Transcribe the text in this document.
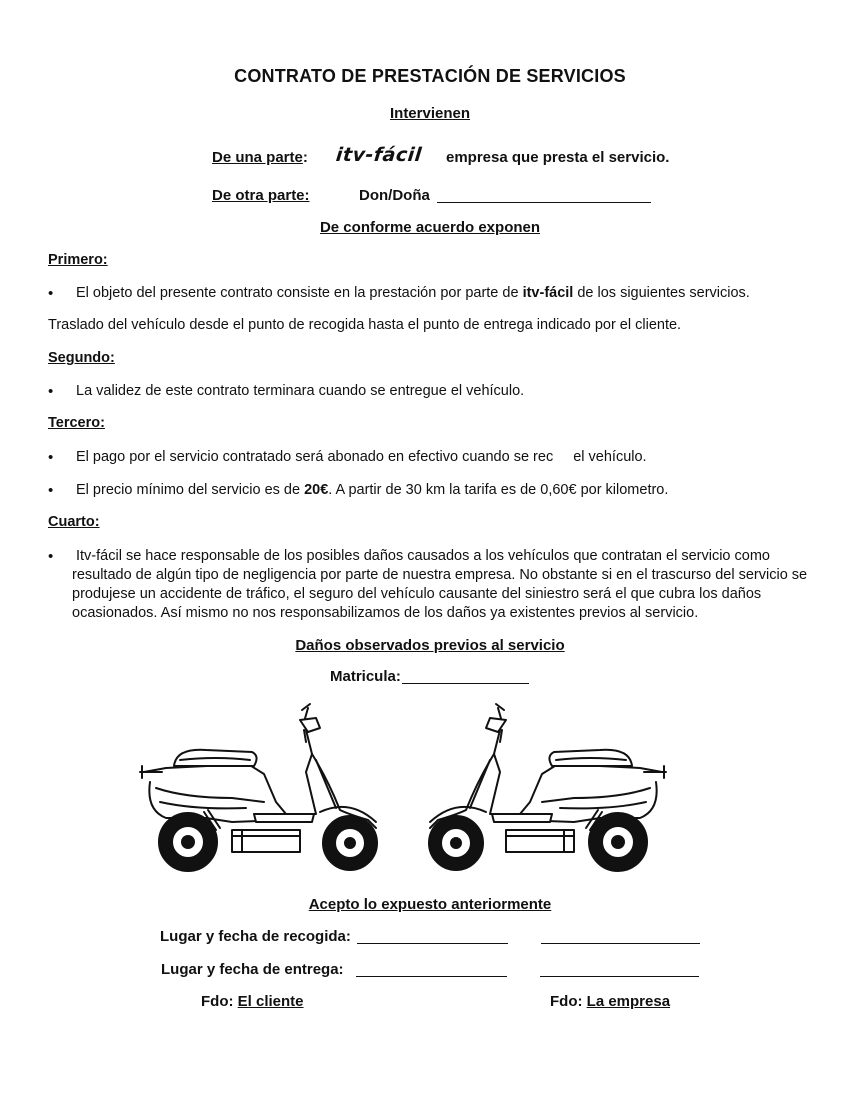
CONTRATO DE PRESTACIÓN DE SERVICIOS
Intervienen
De una parte: itv-fácil empresa que presta el servicio.
De otra parte:	Don/Doña
De conforme acuerdo exponen
Primero:
• El objeto del presente contrato consiste en la prestación por parte de itv-fácil de los siguientes servicios.
Traslado del vehículo desde el punto de recogida hasta el punto de entrega indicado por el cliente.
Segundo:
• La validez de este contrato terminara cuando se entregue el vehículo.
Tercero:
• El pago por el servicio contratado será abonado en efectivo cuando se rec el vehículo.
• El precio mínimo del servicio es de 20€. A partir de 30 km la tarifa es de 0,60€ por kilometro.
Cuarto:
• Itv-fácil se hace responsable de los posibles daños causados a los vehículos que contratan el servicio como
resultado de algún tipo de negligencia por parte de nuestra empresa. No obstante si en el trascurso del servicio se
produjese un accidente de tráfico, el seguro del vehículo causante del siniestro será el que cubra los daños
ocasionados. Así mismo no nos responsabilizamos de los daños ya existentes previos al servicio.
Daños observados previos al servicio
Matricula:
Acepto lo expuesto anteriormente
Lugar y fecha de recogida:
Lugar y fecha de entrega:
Fdo: El cliente	Fdo: La empresa
